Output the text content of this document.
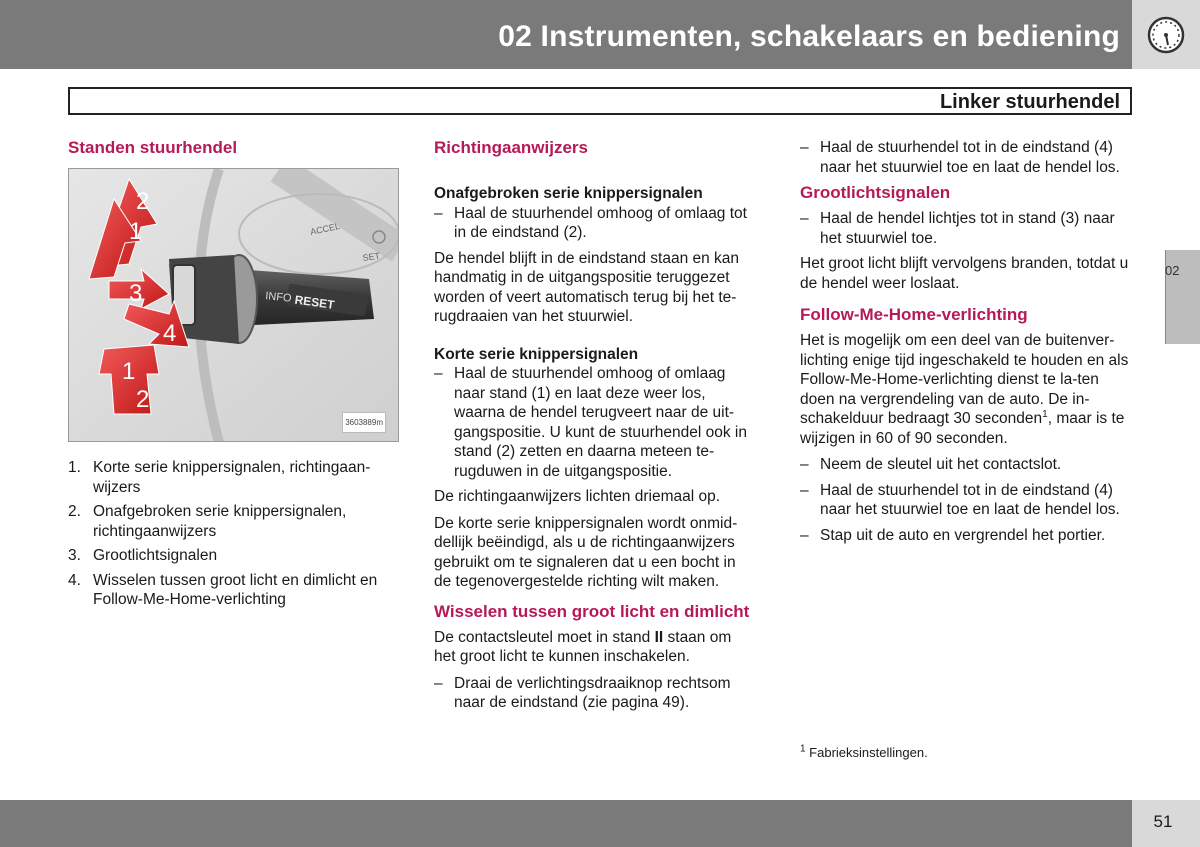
02 Instrumenten, schakelaars en bediening
Linker stuurhendel
02
Standen stuurhendel
ACCEL
SET
RESET
INFO
2
1
3
4
1
2
3603889m
1. Korte serie knippersignalen, richtingaan-wijzers
2. Onafgebroken serie knippersignalen, richtingaanwijzers
3. Grootlichtsignalen
4. Wisselen tussen groot licht en dimlicht en Follow-Me-Home-verlichting
Richtingaanwijzers
Onafgebroken serie knippersignalen
– Haal de stuurhendel omhoog of omlaag tot in de eindstand (2).

De hendel blijft in de eindstand staan en kan handmatig in de uitgangspositie teruggezet worden of veert automatisch terug bij het te-rugdraaien van het stuurwiel.

Korte serie knippersignalen
– Haal de stuurhendel omhoog of omlaag naar stand (1) en laat deze weer los, waarna de hendel terugveert naar de uit-gangspositie. U kunt de stuurhendel ook in stand (2) zetten en daarna meteen te-rugduwen in de uitgangspositie.

De richtingaanwijzers lichten driemaal op.

De korte serie knippersignalen wordt onmid-dellijk beëindigd, als u de richtingaanwijzers gebruikt om te signaleren dat u een bocht in de tegenovergestelde richting wilt maken.

Wisselen tussen groot licht en dimlicht

De contactsleutel moet in stand II staan om het groot licht te kunnen inschakelen.

– Draai de verlichtingsdraaiknop rechtsom naar de eindstand (zie pagina 49).
– Haal de stuurhendel tot in de eindstand (4) naar het stuurwiel toe en laat de hendel los.
Grootlichtsignalen
– Haal de hendel lichtjes tot in stand (3) naar het stuurwiel toe.

Het groot licht blijft vervolgens branden, totdat u de hendel weer loslaat.

Follow-Me-Home-verlichting

Het is mogelijk om een deel van de buitenver-lichting enige tijd ingeschakeld te houden en als Follow-Me-Home-verlichting dienst te la-ten doen na vergrendeling van de auto. De in-schakelduur bedraagt 30 seconden$^1$, maar is te wijzigen in 60 of 90 seconden.

– Neem de sleutel uit het contactslot.
– Haal de stuurhendel tot in de eindstand (4) naar het stuurwiel toe en laat de hendel los.
– Stap uit de auto en vergrendel het portier.
$^1$ Fabrieksinstellingen.
51
